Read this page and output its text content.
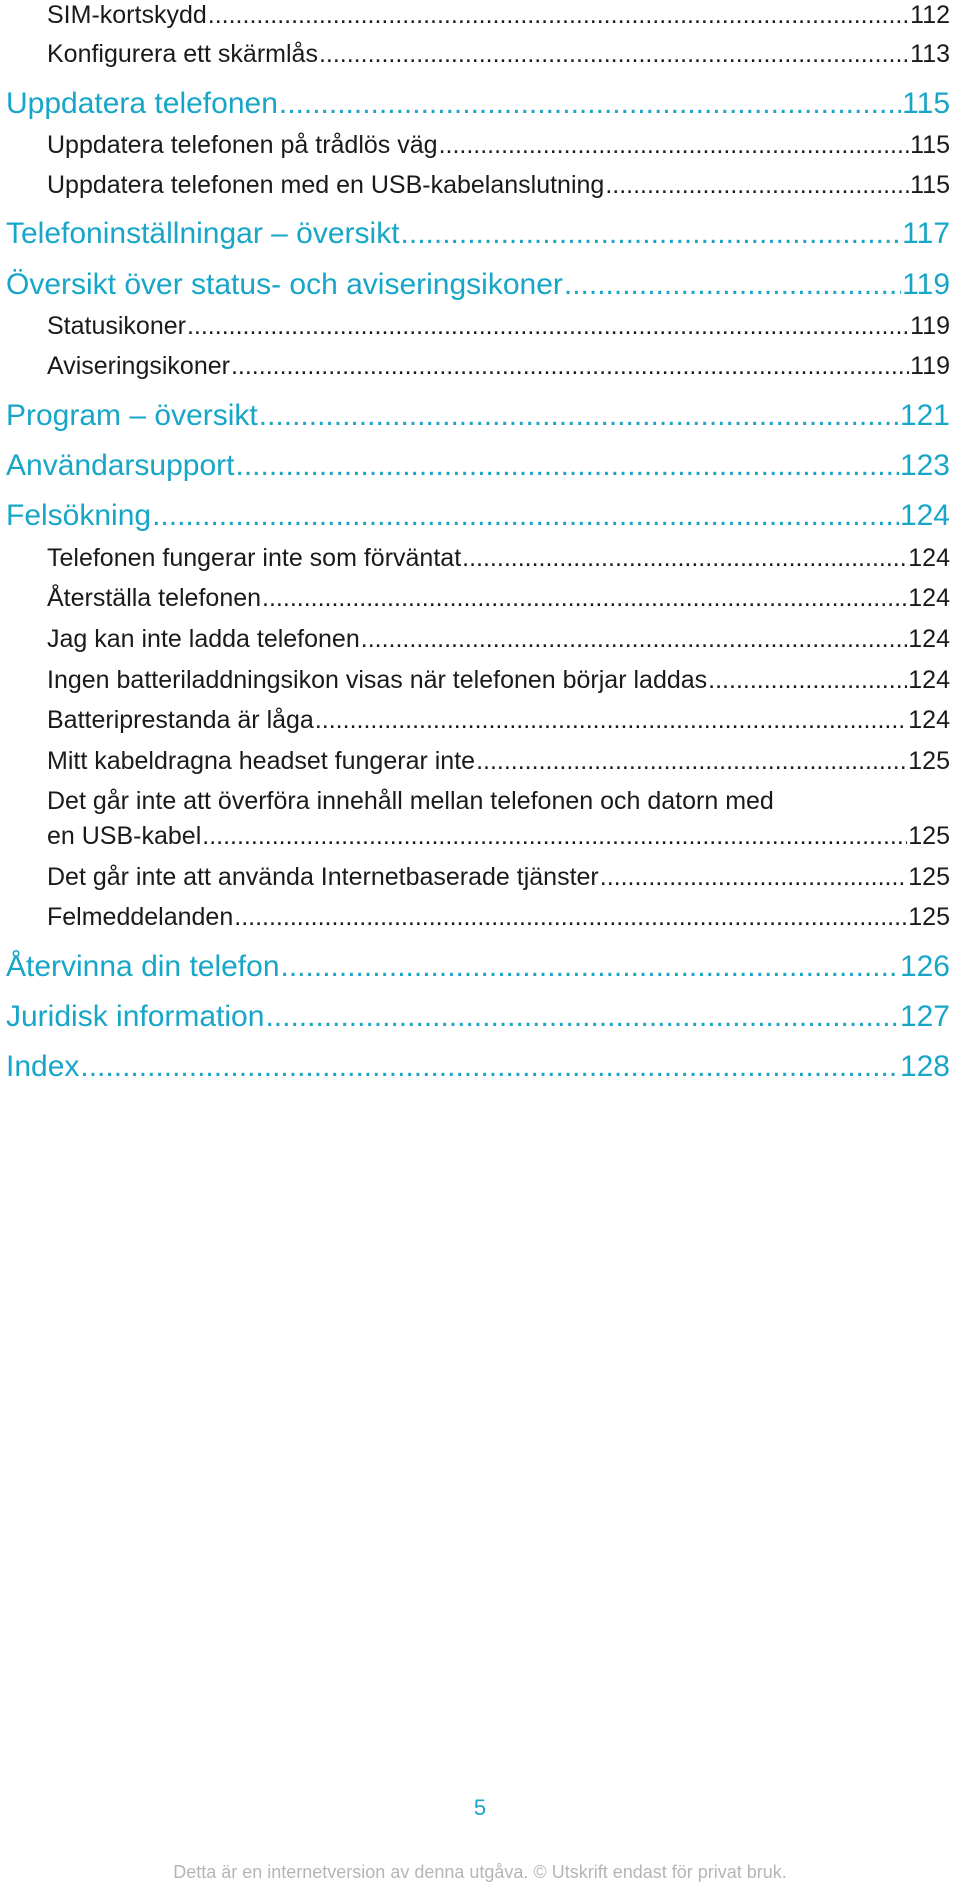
SIM-kortskydd .....	112
Konfigurera ett skärmlås .....	113
Uppdatera telefonen .....	115
Uppdatera telefonen på trådlös väg .....	115
Uppdatera telefonen med en USB-kabelanslutning .....	115
Telefoninställningar – översikt .....	117
Översikt över status- och aviseringsikoner .....	119
Statusikoner .....	119
Aviseringsikoner .....	119
Program – översikt .....	121
Användarsupport .....	123
Felsökning .....	124
Telefonen fungerar inte som förväntat .....	124
Återställa telefonen .....	124
Jag kan inte ladda telefonen .....	124
Ingen batteriladdningsikon visas när telefonen börjar laddas .....	124
Batteriprestanda är låga .....	124
Mitt kabeldragna headset fungerar inte .....	125
Det går inte att överföra innehåll mellan telefonen och datorn med
en USB-kabel .....	125
Det går inte att använda Internetbaserade tjänster .....	125
Felmeddelanden .....	125
Återvinna din telefon .....	126
Juridisk information .....	127
Index .....	128
5
Detta är en internetversion av denna utgåva. © Utskrift endast för privat bruk.
